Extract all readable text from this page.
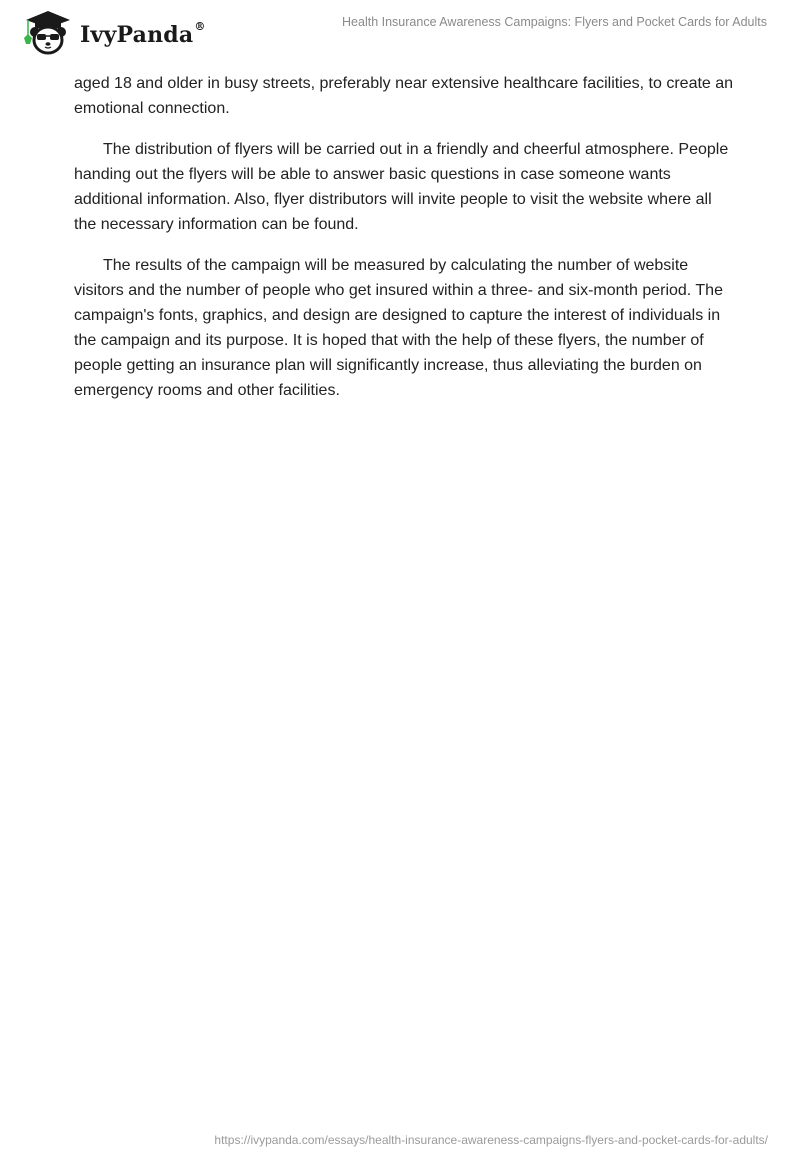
IvyPanda®	Health Insurance Awareness Campaigns: Flyers and Pocket Cards for Adults

aged 18 and older in busy streets, preferably near extensive healthcare facilities, to create an emotional connection.

The distribution of flyers will be carried out in a friendly and cheerful atmosphere. People handing out the flyers will be able to answer basic questions in case someone wants additional information. Also, flyer distributors will invite people to visit the website where all the necessary information can be found.

The results of the campaign will be measured by calculating the number of website visitors and the number of people who get insured within a three- and six-month period. The campaign's fonts, graphics, and design are designed to capture the interest of individuals in the campaign and its purpose. It is hoped that with the help of these flyers, the number of people getting an insurance plan will significantly increase, thus alleviating the burden on emergency rooms and other facilities.

https://ivypanda.com/essays/health-insurance-awareness-campaigns-flyers-and-pocket-cards-for-adults/
